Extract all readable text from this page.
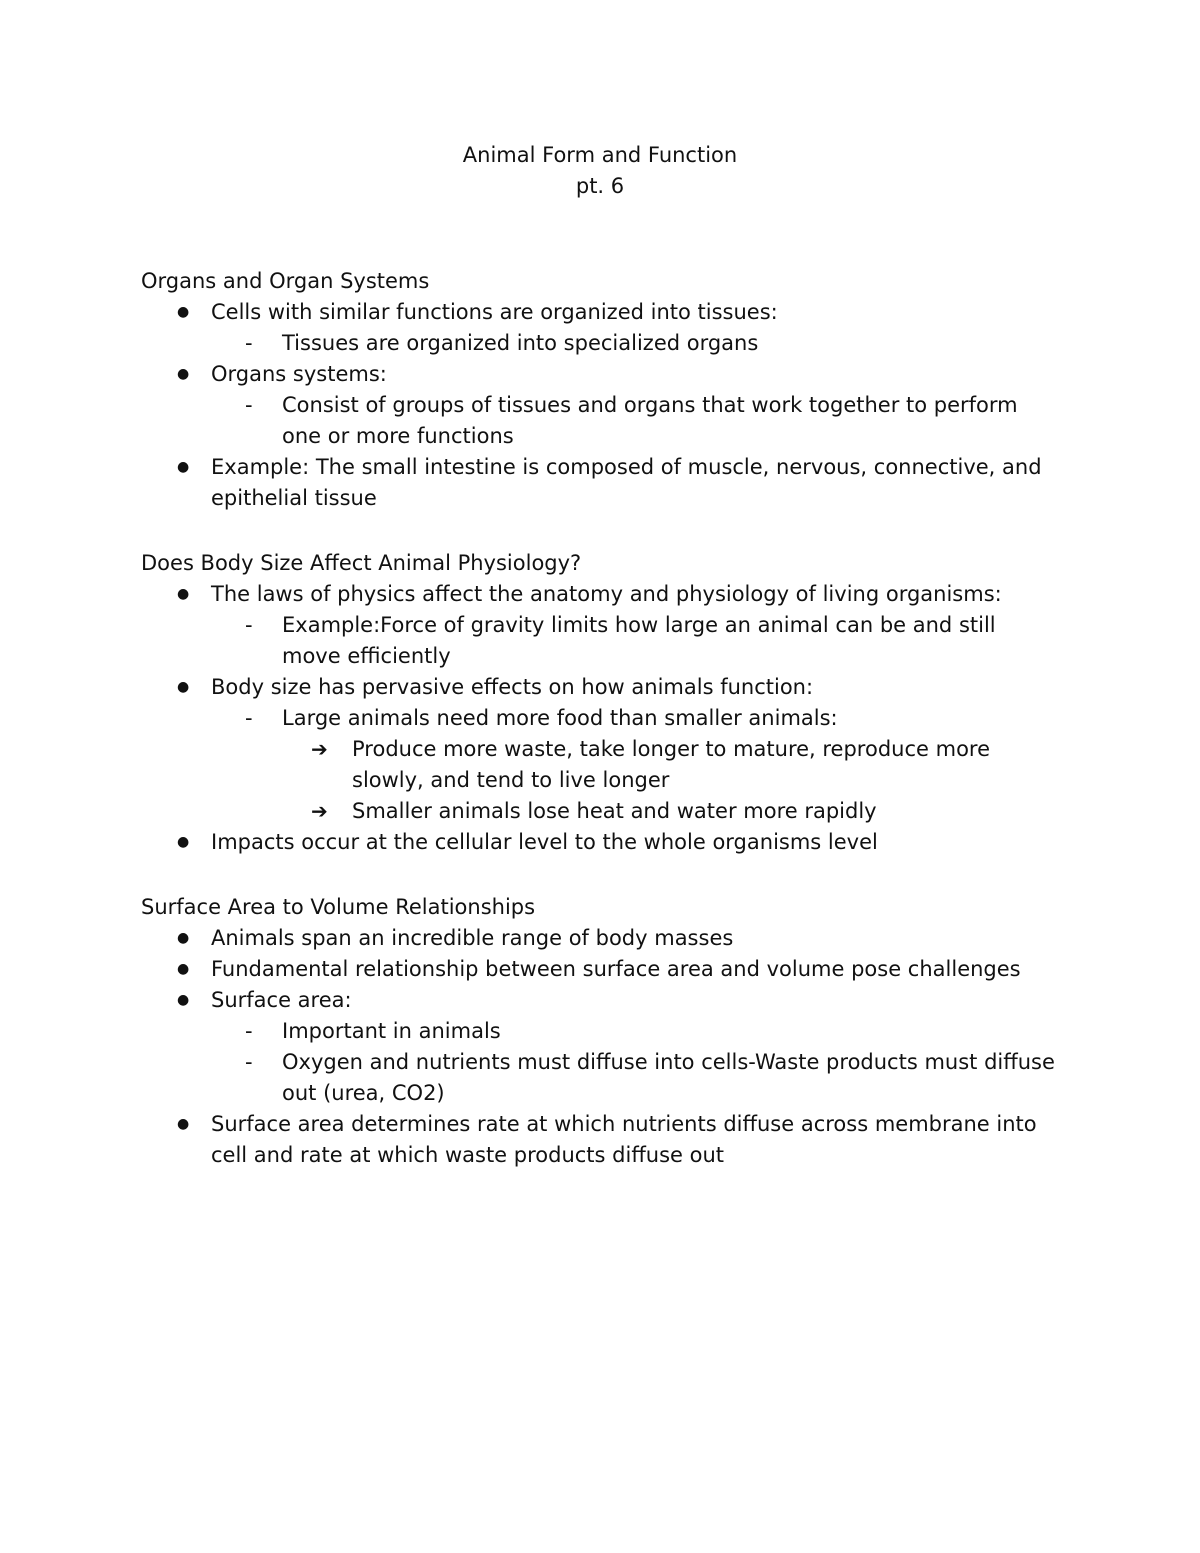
Animal Form and Function
pt. 6
Organs and Organ Systems
● Cells with similar functions are organized into tissues:
- Tissues are organized into specialized organs
● Organs systems:
- Consist of groups of tissues and organs that work together to perform
one or more functions
● Example: The small intestine is composed of muscle, nervous, connective, and
epithelial tissue
Does Body Size Affect Animal Physiology?
● The laws of physics affect the anatomy and physiology of living organisms:
- Example:Force of gravity limits how large an animal can be and still
move efficiently
● Body size has pervasive effects on how animals function:
- Large animals need more food than smaller animals:
➔ Produce more waste, take longer to mature, reproduce more
slowly, and tend to live longer
➔ Smaller animals lose heat and water more rapidly
● Impacts occur at the cellular level to the whole organisms level
Surface Area to Volume Relationships
● Animals span an incredible range of body masses
● Fundamental relationship between surface area and volume pose challenges
● Surface area:
- Important in animals
- Oxygen and nutrients must diffuse into cells-Waste products must diffuse
out (urea, CO2)
● Surface area determines rate at which nutrients diffuse across membrane into
cell and rate at which waste products diffuse out
